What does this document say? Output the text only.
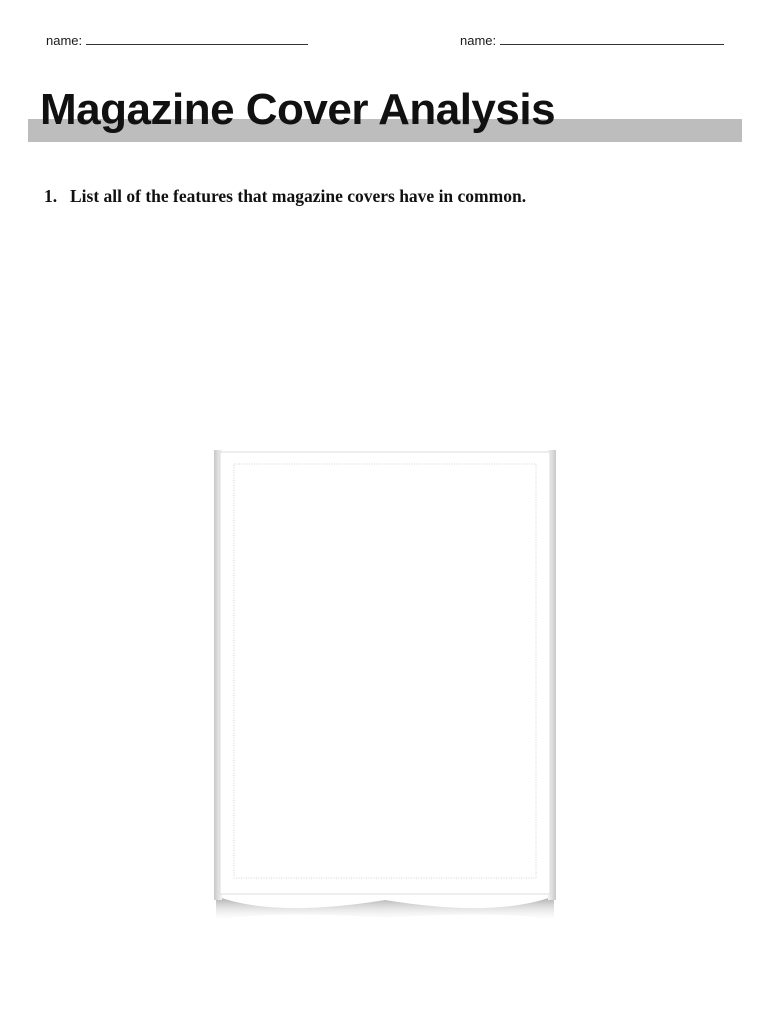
name:	name:
Magazine Cover Analysis
1. List all of the features that magazine covers have in common.
